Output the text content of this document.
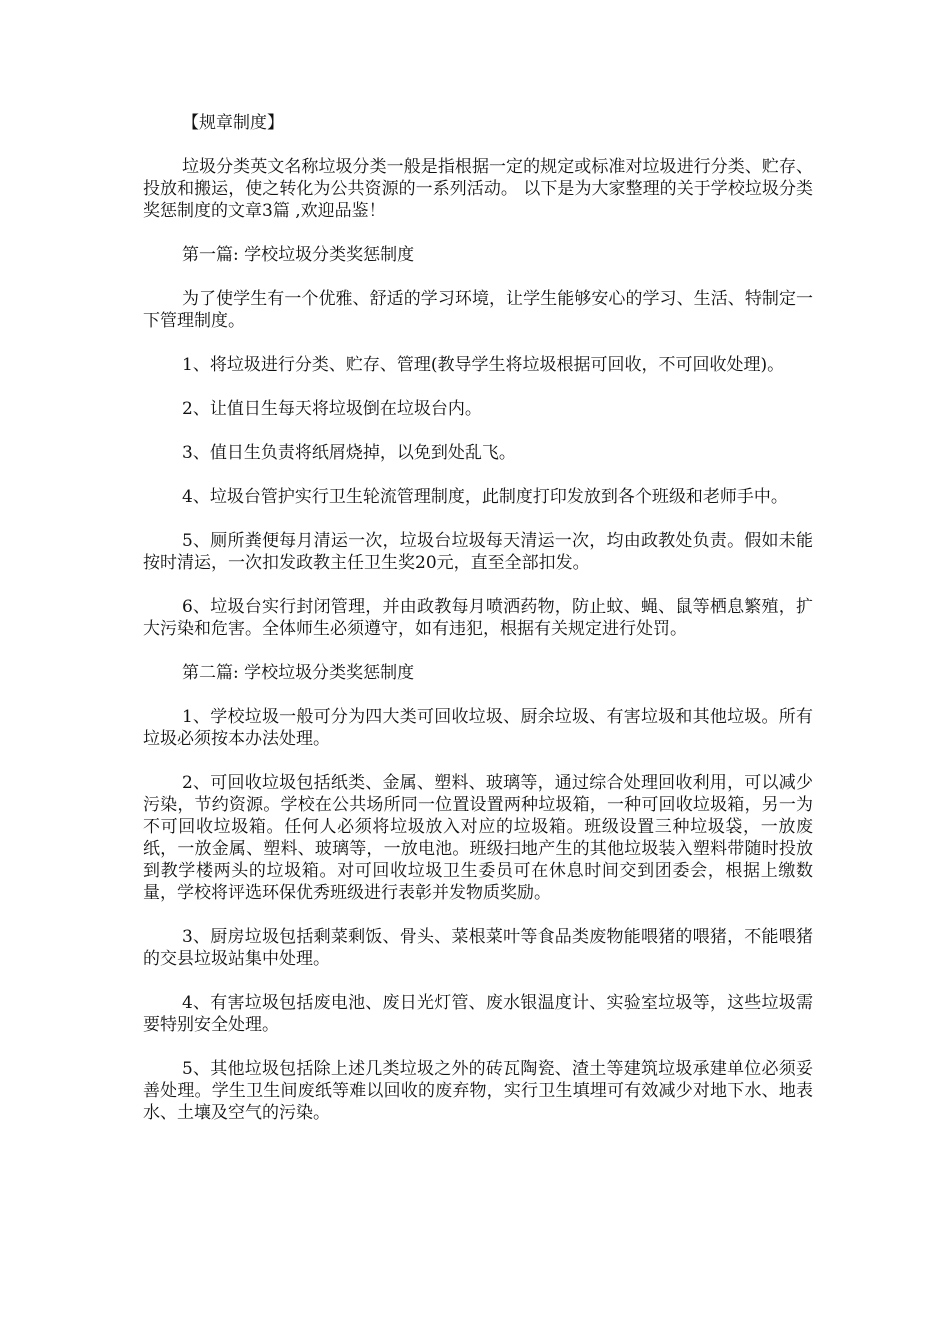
【规章制度】

垃圾分类英文名称垃圾分类一般是指根据一定的规定或标准对垃圾进行分类、贮存、投放和搬运，使之转化为公共资源的一系列活动。 以下是为大家整理的关于学校垃圾分类奖惩制度的文章3篇 ,欢迎品鉴！

第一篇: 学校垃圾分类奖惩制度

为了使学生有一个优雅、舒适的学习环境，让学生能够安心的学习、生活、特制定一下管理制度。

1、将垃圾进行分类、贮存、管理(教导学生将垃圾根据可回收，不可回收处理)。

2、让值日生每天将垃圾倒在垃圾台内。

3、值日生负责将纸屑烧掉，以免到处乱飞。

4、垃圾台管护实行卫生轮流管理制度，此制度打印发放到各个班级和老师手中。

5、厕所粪便每月清运一次，垃圾台垃圾每天清运一次，均由政教处负责。假如未能按时清运，一次扣发政教主任卫生奖20元，直至全部扣发。

6、垃圾台实行封闭管理，并由政教每月喷洒药物，防止蚊、蝇、鼠等栖息繁殖，扩大污染和危害。全体师生必须遵守，如有违犯，根据有关规定进行处罚。

第二篇: 学校垃圾分类奖惩制度

1、学校垃圾一般可分为四大类可回收垃圾、厨余垃圾、有害垃圾和其他垃圾。所有垃圾必须按本办法处理。

2、可回收垃圾包括纸类、金属、塑料、玻璃等，通过综合处理回收利用，可以减少污染，节约资源。学校在公共场所同一位置设置两种垃圾箱，一种可回收垃圾箱，另一为不可回收垃圾箱。任何人必须将垃圾放入对应的垃圾箱。班级设置三种垃圾袋，一放废纸，一放金属、塑料、玻璃等，一放电池。班级扫地产生的其他垃圾装入塑料带随时投放到教学楼两头的垃圾箱。对可回收垃圾卫生委员可在休息时间交到团委会，根据上缴数量，学校将评选环保优秀班级进行表彰并发物质奖励。

3、厨房垃圾包括剩菜剩饭、骨头、菜根菜叶等食品类废物能喂猪的喂猪，不能喂猪的交县垃圾站集中处理。

4、有害垃圾包括废电池、废日光灯管、废水银温度计、实验室垃圾等，这些垃圾需要特别安全处理。

5、其他垃圾包括除上述几类垃圾之外的砖瓦陶瓷、渣土等建筑垃圾承建单位必须妥善处理。学生卫生间废纸等难以回收的废弃物，实行卫生填埋可有效减少对地下水、地表水、土壤及空气的污染。
